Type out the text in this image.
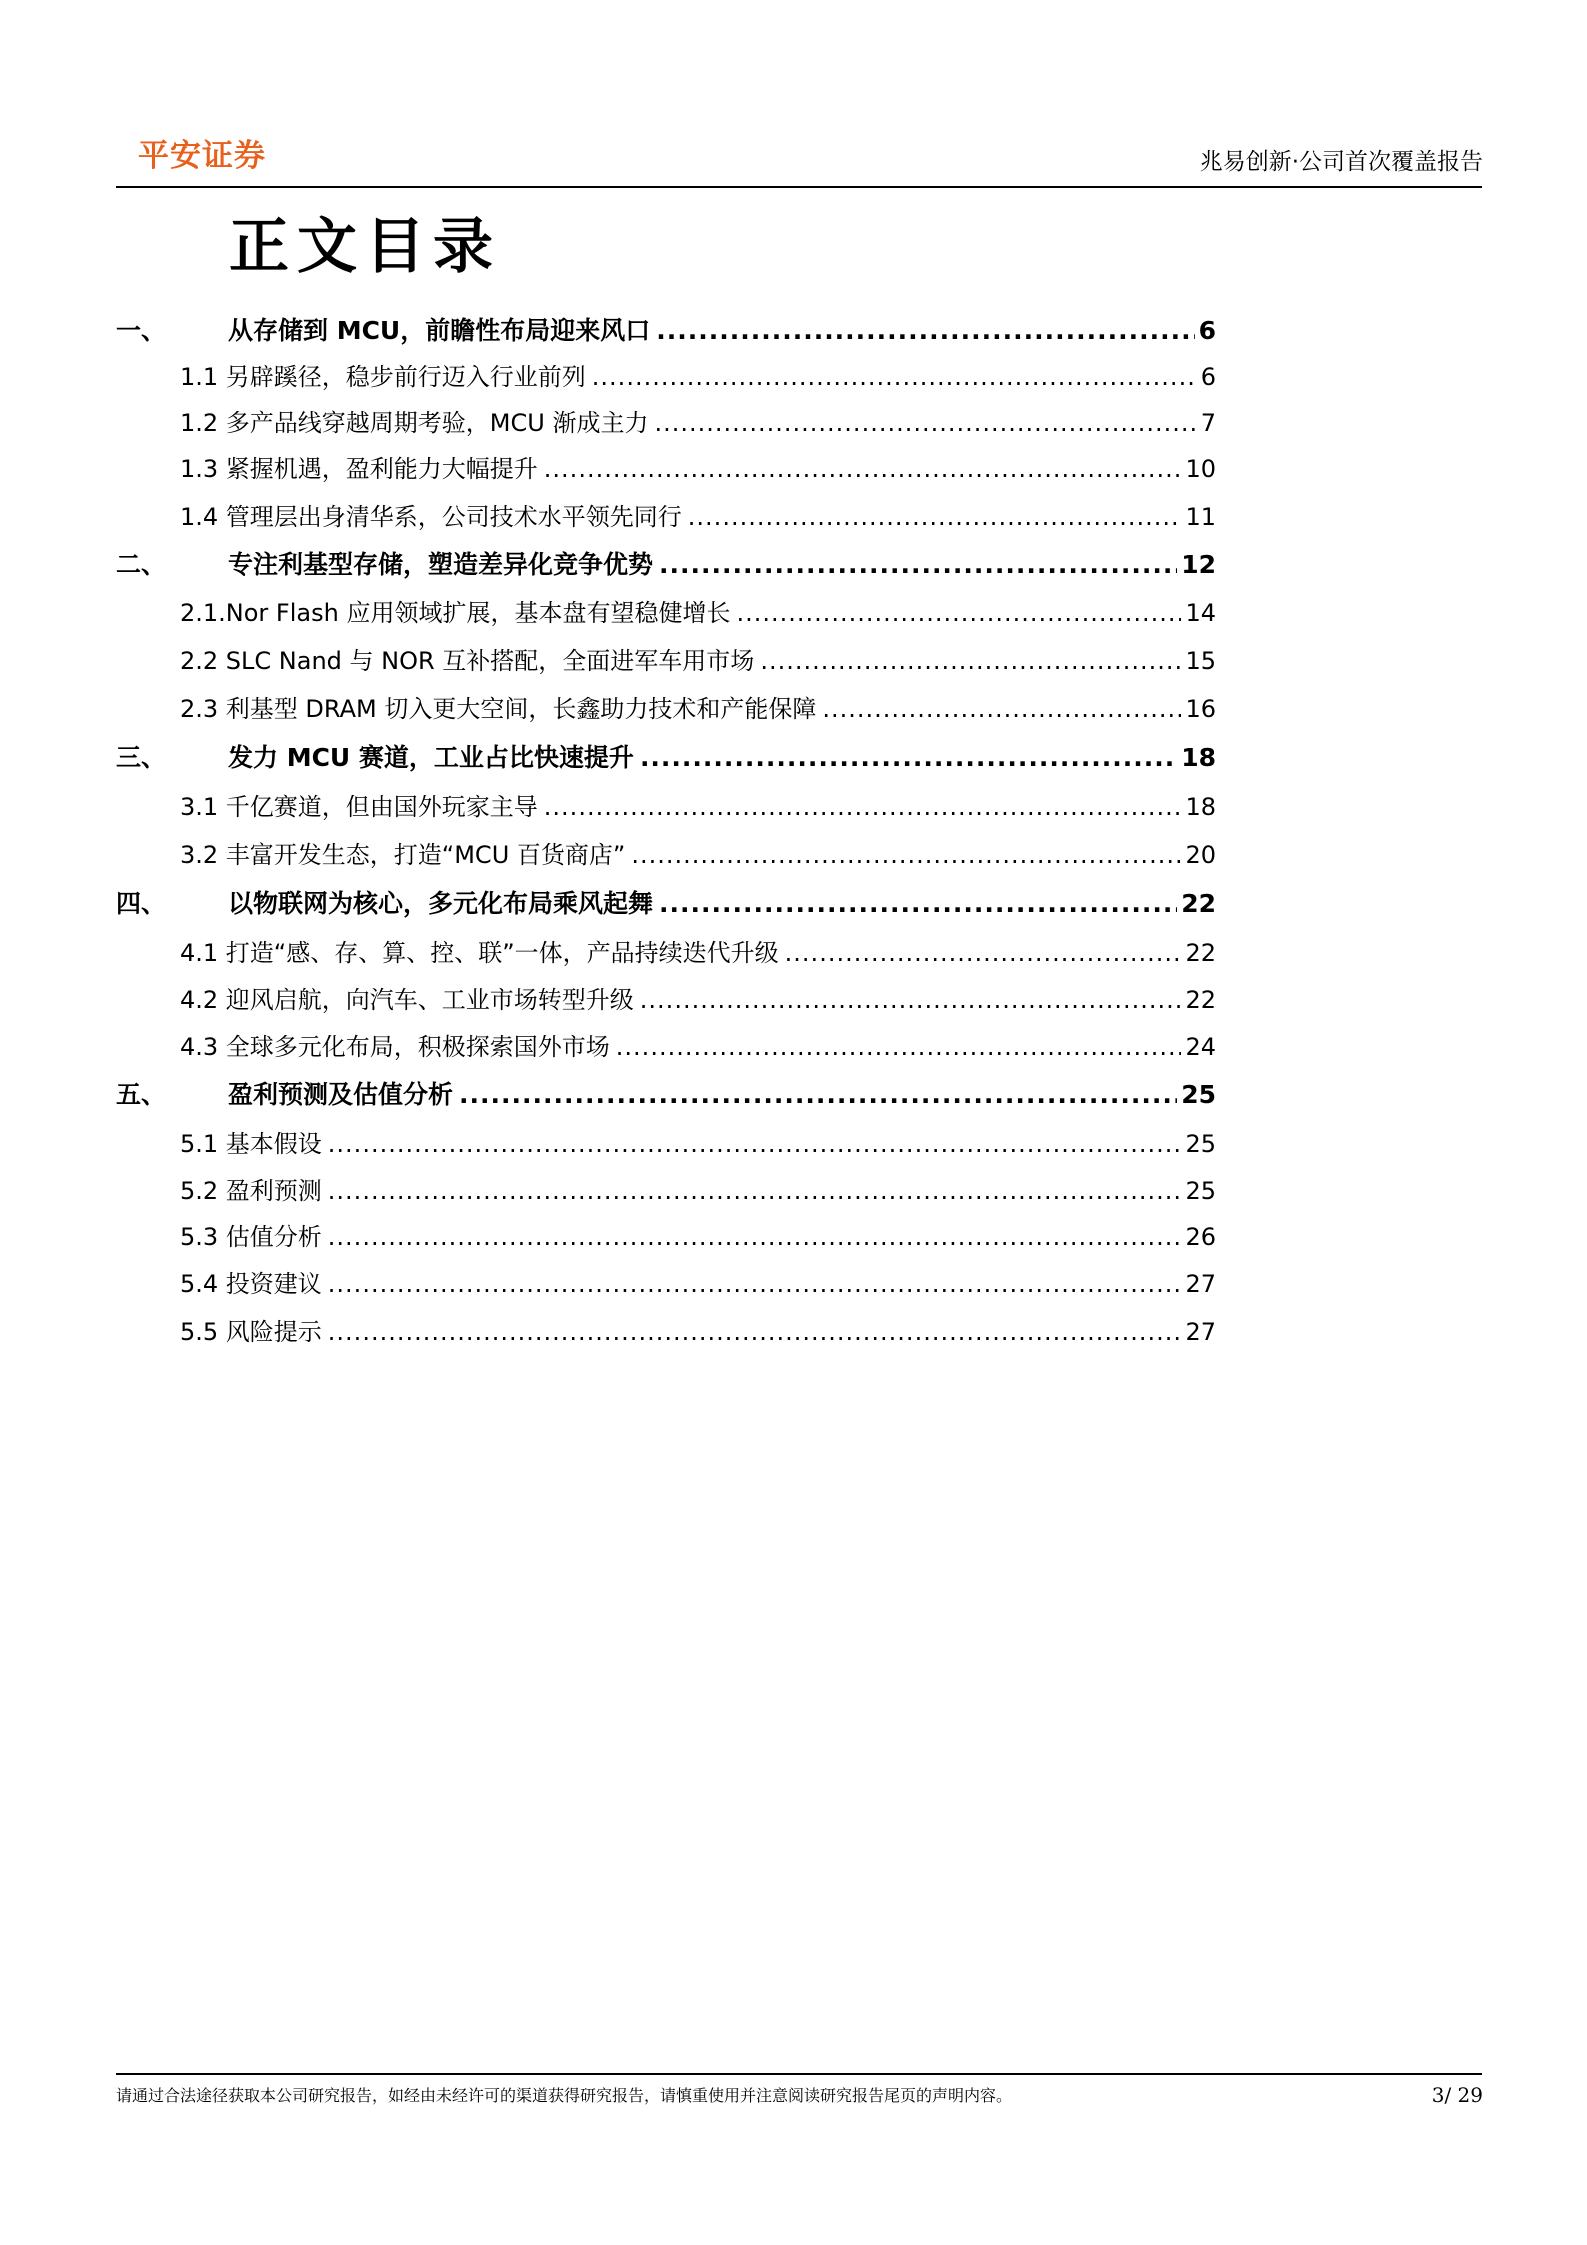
平安证券	兆易创新·公司首次覆盖报告
正文目录
一、	从存储到 MCU，前瞻性布局迎来风口 .....	6
1.1 另辟蹊径，稳步前行迈入行业前列 .....	6
1.2 多产品线穿越周期考验，MCU 渐成主力 .....	7
1.3 紧握机遇，盈利能力大幅提升 .....	10
1.4 管理层出身清华系，公司技术水平领先同行 .....	11
二、	专注利基型存储，塑造差异化竞争优势 .....	12
2.1.Nor Flash 应用领域扩展，基本盘有望稳健增长 .....	14
2.2 SLC Nand 与 NOR 互补搭配，全面进军车用市场 .....	15
2.3 利基型 DRAM 切入更大空间，长鑫助力技术和产能保障 .....	16
三、	发力 MCU 赛道，工业占比快速提升 .....	18
3.1 千亿赛道，但由国外玩家主导 .....	18
3.2 丰富开发生态，打造“MCU 百货商店” .....	20
四、	以物联网为核心，多元化布局乘风起舞 .....	22
4.1 打造“感、存、算、控、联”一体，产品持续迭代升级 .....	22
4.2 迎风启航，向汽车、工业市场转型升级 .....	22
4.3 全球多元化布局，积极探索国外市场 .....	24
五、	盈利预测及估值分析 .....	25
5.1 基本假设 .....	25
5.2 盈利预测 .....	25
5.3 估值分析 .....	26
5.4 投资建议 .....	27
5.5 风险提示 .....	27
请通过合法途径获取本公司研究报告，如经由未经许可的渠道获得研究报告，请慎重使用并注意阅读研究报告尾页的声明内容。	3/ 29
